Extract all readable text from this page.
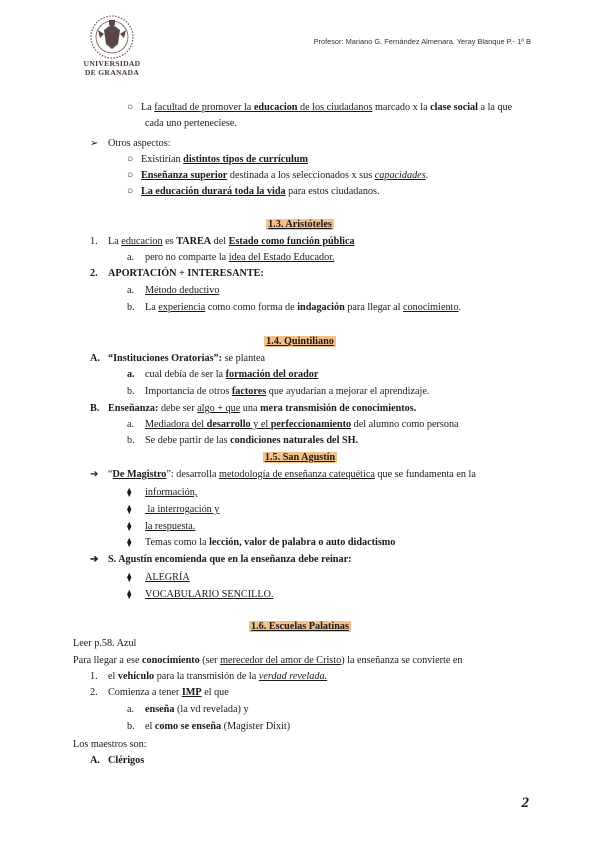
UNIVERSIDAD
DE GRANADA
Profesor: Mariano G. Fernández Almenara. Yeray Blanque P.- 1º B
○ La facultad de promover la educacion de los ciudadanos marcado x la clase social a la que
cada uno perteneciese.
➢ Otros aspectos:
○ Existirían distintos tipos de currículum
○ Enseñanza superior destinada a los seleccionados x sus capacidades.
○ La educación durará toda la vida para estos ciudadanos.
1.3. Aristóteles
1. La educacion es TAREA del Estado como función pública
a. pero no comparte la idea del Estado Educador.
2. APORTACIÓN + INTERESANTE:
a. Método deductivo
b. La experiencia como como forma de indagación para llegar al conocimiento.
1.4. Quintiliano
A. “Instituciones Oratorias”: se plantea
a. cual debía de ser la formación del orador
b. Importancia de otros factores que ayudarían a mejorar el aprendizaje.
B. Enseñanza: debe ser algo + que una mera transmisión de conocimientos.
a. Mediadora del desarrollo y el perfeccionamiento del alumno como persona
b. Se debe partir de las condiciones naturales del SH.
1.5. San Agustín
➔ “De Magistro”: desarrolla metodología de enseñanza catequética que se fundamenta en la
⧫ información,
⧫ la interrogación y
⧫ la respuesta.
⧫ Temas como la lección, valor de palabra o auto didactismo
➔ S. Agustín encomienda que en la enseñanza debe reinar:
⧫ ALEGRÍA
⧫ VOCABULARIO SENCILLO.
1.6. Escuelas Palatinas
Leer p.58. Azul
Para llegar a ese conocimiento (ser merecedor del amor de Cristo) la enseñanza se convierte en
1. el vehículo para la transmisión de la verdad revelada.
2. Comienza a tener IMP el que
a. enseña (la vd revelada) y
b. el como se enseña (Magister Dixit)
Los maestros son:
A. Clérigos
2
